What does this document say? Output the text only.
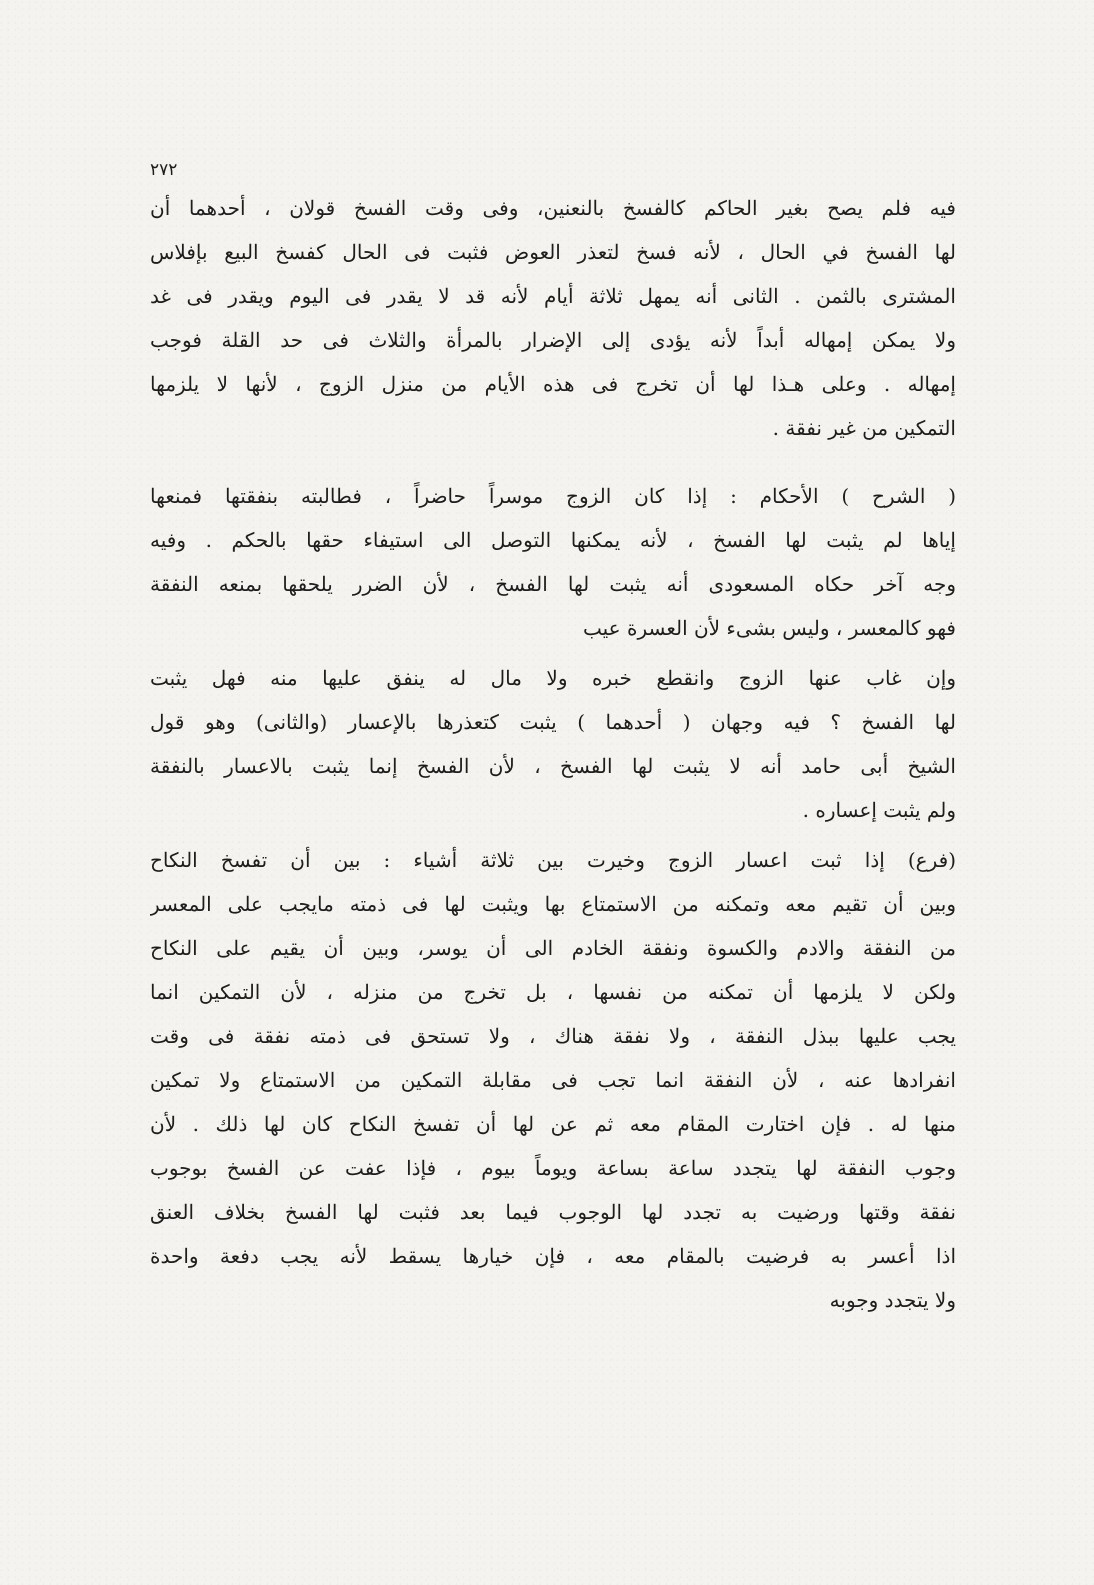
٢٧٢
فيه فلم يصح بغير الحاكم كالفسخ بالنعنين، وفى وقت الفسخ قولان ، أحدهما أن
لها الفسخ في الحال ، لأنه فسخ لتعذر العوض فثبت فى الحال كفسخ البيع بإفلاس
المشترى بالثمن . الثانى أنه يمهل ثلاثة أيام لأنه قد لا يقدر فى اليوم ويقدر فى غد
ولا يمكن إمهاله أبداً لأنه يؤدى إلى الإضرار بالمرأة والثلاث فى حد القلة فوجب
إمهاله . وعلى هـذا لها أن تخرج فى هذه الأيام من منزل الزوج ، لأنها لا يلزمها
التمكين من غير نفقة .
( الشرح ) الأحكام : إذا كان الزوج موسراً حاضراً ، فطالبته بنفقتها فمنعها
إياها لم يثبت لها الفسخ ، لأنه يمكنها التوصل الى استيفاء حقها بالحكم . وفيه
وجه آخر حكاه المسعودى أنه يثبت لها الفسخ ، لأن الضرر يلحقها بمنعه النفقة
فهو كالمعسر ، وليس بشىء لأن العسرة عيب
وإن غاب عنها الزوج وانقطع خبره ولا مال له ينفق عليها منه فهل يثبت
لها الفسخ ؟ فيه وجهان ( أحدهما ) يثبت كتعذرها بالإعسار (والثانى) وهو قول
الشيخ أبى حامد أنه لا يثبت لها الفسخ ، لأن الفسخ إنما يثبت بالاعسار بالنفقة
ولم يثبت إعساره .
(فرع) إذا ثبت اعسار الزوج وخيرت بين ثلاثة أشياء : بين أن تفسخ النكاح
وبين أن تقيم معه وتمكنه من الاستمتاع بها ويثبت لها فى ذمته مايجب على المعسر
من النفقة والادم والكسوة ونفقة الخادم الى أن يوسر، وبين أن يقيم على النكاح
ولكن لا يلزمها أن تمكنه من نفسها ، بل تخرج من منزله ، لأن التمكين انما
يجب عليها ببذل النفقة ، ولا نفقة هناك ، ولا تستحق فى ذمته نفقة فى وقت
انفرادها عنه ، لأن النفقة انما تجب فى مقابلة التمكين من الاستمتاع ولا تمكين
منها له . فإن اختارت المقام معه ثم عن لها أن تفسخ النكاح كان لها ذلك . لأن
وجوب النفقة لها يتجدد ساعة بساعة ويوماً بيوم ، فإذا عفت عن الفسخ بوجوب
نفقة وقتها ورضيت به تجدد لها الوجوب فيما بعد فثبت لها الفسخ بخلاف العنق
اذا أعسر به فرضيت بالمقام معه ، فإن خيارها يسقط لأنه يجب دفعة واحدة
ولا يتجدد وجوبه
